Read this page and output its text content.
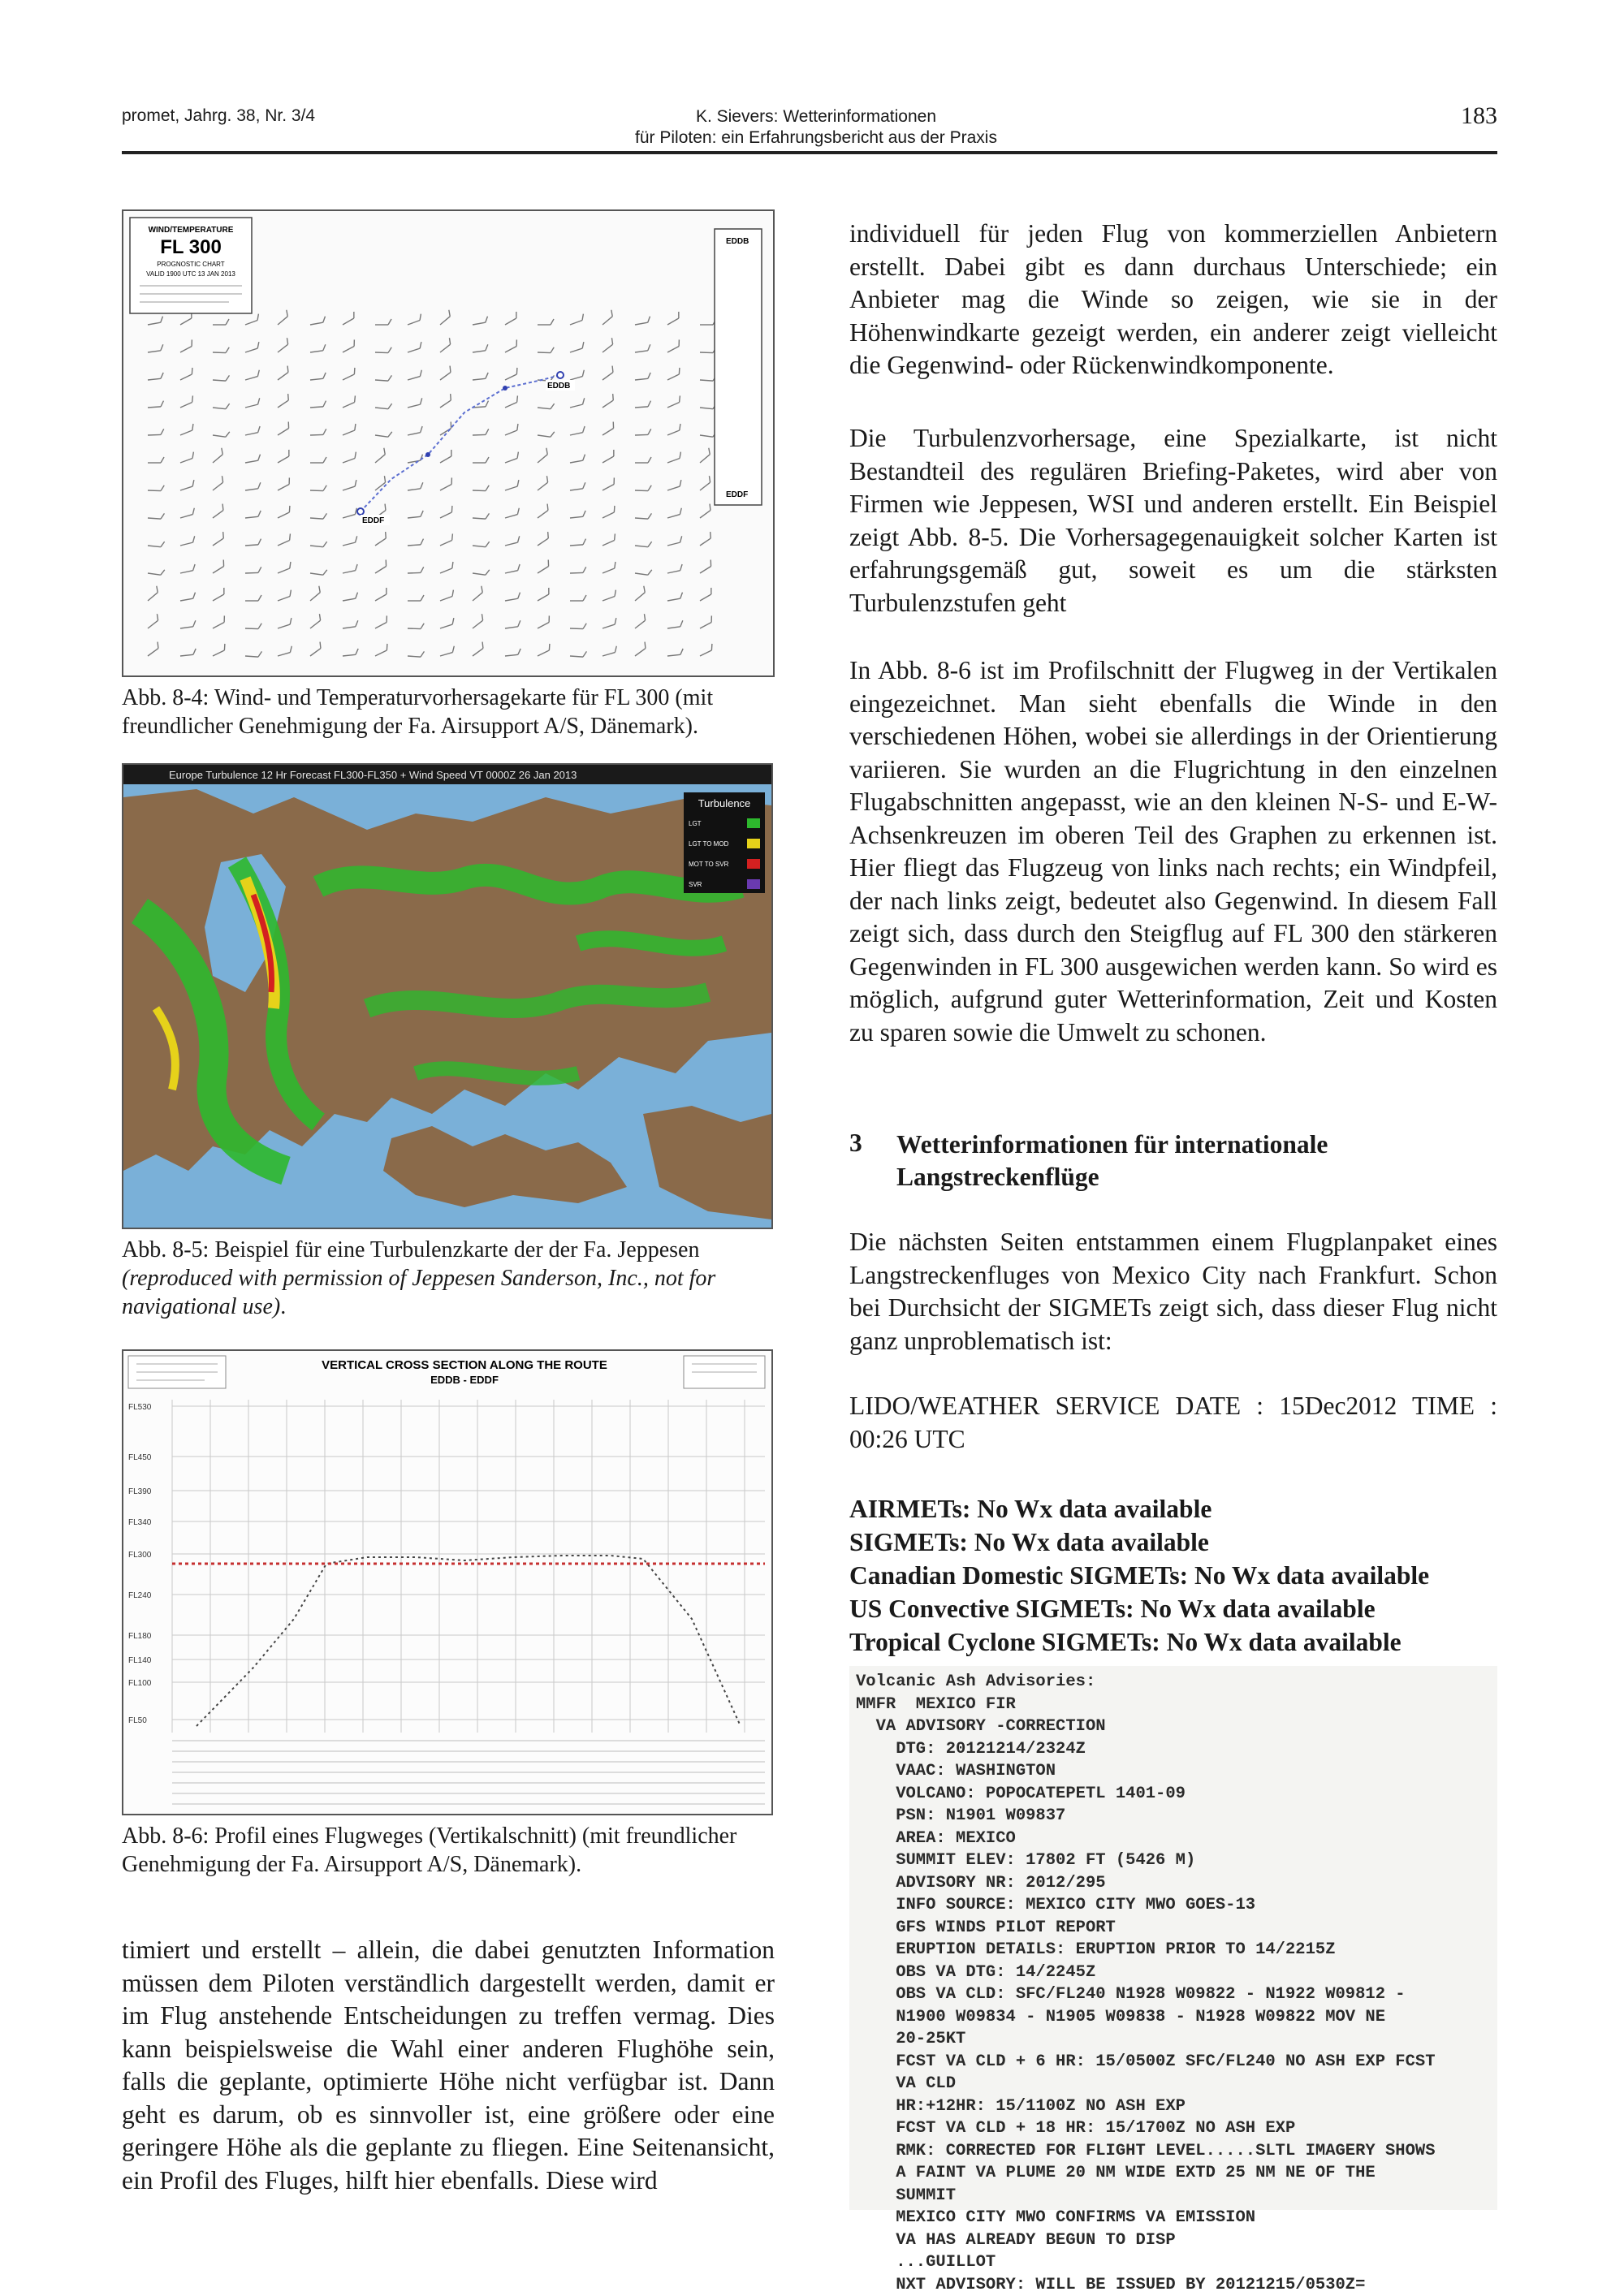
promet, Jahrg. 38, Nr. 3/4	K. Sievers: Wetterinformationen
für Piloten: ein Erfahrungsbericht aus der Praxis
183
WIND/TEMPERATURE
FL 300
PROGNOSTIC CHART
VALID 1900 UTC 13 JAN 2013
EDDB
EDDF
EDDB
EDDF
Abb. 8-4: Wind- und Temperaturvorhersagekarte für FL 300 (mit freundlicher Genehmigung der Fa. Airsupport A/S, Dänemark).
Europe Turbulence 12 Hr Forecast FL300-FL350 + Wind Speed VT 0000Z 26 Jan 2013
Turbulence
LGT
LGT TO MOD
MOT TO SVR
SVR
Abb. 8-5: Beispiel für eine Turbulenzkarte der der Fa. Jeppesen (reproduced with permission of Jeppesen Sanderson, Inc., not for navigational use).
VERTICAL CROSS SECTION ALONG THE ROUTE
EDDB - EDDF
FL530
FL450
FL390
FL340
FL300
FL240
FL180
FL140
FL100
FL50
Abb. 8-6: Profil eines Flugweges (Vertikalschnitt) (mit freundlicher Genehmigung der Fa. Airsupport A/S, Dänemark).

timiert und erstellt – allein, die dabei genutzten Information müssen dem Piloten verständlich dargestellt werden, damit er im Flug anstehende Entscheidungen zu treffen vermag. Dies kann beispielsweise die Wahl einer anderen Flughöhe sein, falls die geplante, optimierte Höhe nicht verfügbar ist. Dann geht es darum, ob es sinnvoller ist, eine größere oder eine geringere Höhe als die geplante zu fliegen. Eine Seitenansicht, ein Profil des Fluges, hilft hier ebenfalls. Diese wird

individuell für jeden Flug von kommerziellen Anbietern erstellt. Dabei gibt es dann durchaus Unterschiede; ein Anbieter mag die Winde so zeigen, wie sie in der Höhenwindkarte gezeigt werden, ein anderer zeigt vielleicht die Gegenwind- oder Rückenwindkomponente.

Die Turbulenzvorhersage, eine Spezialkarte, ist nicht Bestandteil des regulären Briefing-Paketes, wird aber von Firmen wie Jeppesen, WSI und anderen erstellt. Ein Beispiel zeigt Abb. 8-5. Die Vorhersagegenauigkeit solcher Karten ist erfahrungsgemäß gut, soweit es um die stärksten Turbulenzstufen geht

In Abb. 8-6 ist im Profilschnitt der Flugweg in der Vertikalen eingezeichnet. Man sieht ebenfalls die Winde in den verschiedenen Höhen, wobei sie allerdings in der Orientierung variieren. Sie wurden an die Flugrichtung in den einzelnen Flugabschnitten angepasst, wie an den kleinen N-S- und E-W-Achsenkreuzen im oberen Teil des Graphen zu erkennen ist. Hier fliegt das Flugzeug von links nach rechts; ein Windpfeil, der nach links zeigt, bedeutet also Gegenwind. In diesem Fall zeigt sich, dass durch den Steigflug auf FL 300 den stärkeren Gegenwinden in FL 300 ausgewichen werden kann. So wird es möglich, aufgrund guter Wetterinformation, Zeit und Kosten zu sparen sowie die Umwelt zu schonen.

3 Wetterinformationen für internationale Langstreckenflüge

Die nächsten Seiten entstammen einem Flugplanpaket eines Langstreckenfluges von Mexico City nach Frankfurt. Schon bei Durchsicht der SIGMETs zeigt sich, dass dieser Flug nicht ganz unproblematisch ist:

LIDO/WEATHER SERVICE DATE : 15Dec2012 TIME : 00:26 UTC

AIRMETs: No Wx data available

SIGMETs: No Wx data available

Canadian Domestic SIGMETs: No Wx data available

US Convective SIGMETs: No Wx data available

Tropical Cyclone SIGMETs: No Wx data available

Volcanic Ash Advisories:
MMFR  MEXICO FIR
VA ADVISORY -CORRECTION
DTG: 20121214/2324Z
VAAC: WASHINGTON
VOLCANO: POPOCATEPETL 1401-09
PSN: N1901 W09837
AREA: MEXICO
SUMMIT ELEV: 17802 FT (5426 M)
ADVISORY NR: 2012/295
INFO SOURCE: MEXICO CITY MWO GOES-13
GFS WINDS PILOT REPORT
ERUPTION DETAILS: ERUPTION PRIOR TO 14/2215Z
OBS VA DTG: 14/2245Z
OBS VA CLD: SFC/FL240 N1928 W09822 - N1922 W09812 -
N1900 W09834 - N1905 W09838 - N1928 W09822 MOV NE
20-25KT
FCST VA CLD + 6 HR: 15/0500Z SFC/FL240 NO ASH EXP FCST
VA CLD
HR:+12HR: 15/1100Z NO ASH EXP
FCST VA CLD + 18 HR: 15/1700Z NO ASH EXP
RMK: CORRECTED FOR FLIGHT LEVEL.....SLTL IMAGERY SHOWS
A FAINT VA PLUME 20 NM WIDE EXTD 25 NM NE OF THE
SUMMIT
MEXICO CITY MWO CONFIRMS VA EMISSION
VA HAS ALREADY BEGUN TO DISP
...GUILLOT
NXT ADVISORY: WILL BE ISSUED BY 20121215/0530Z=
